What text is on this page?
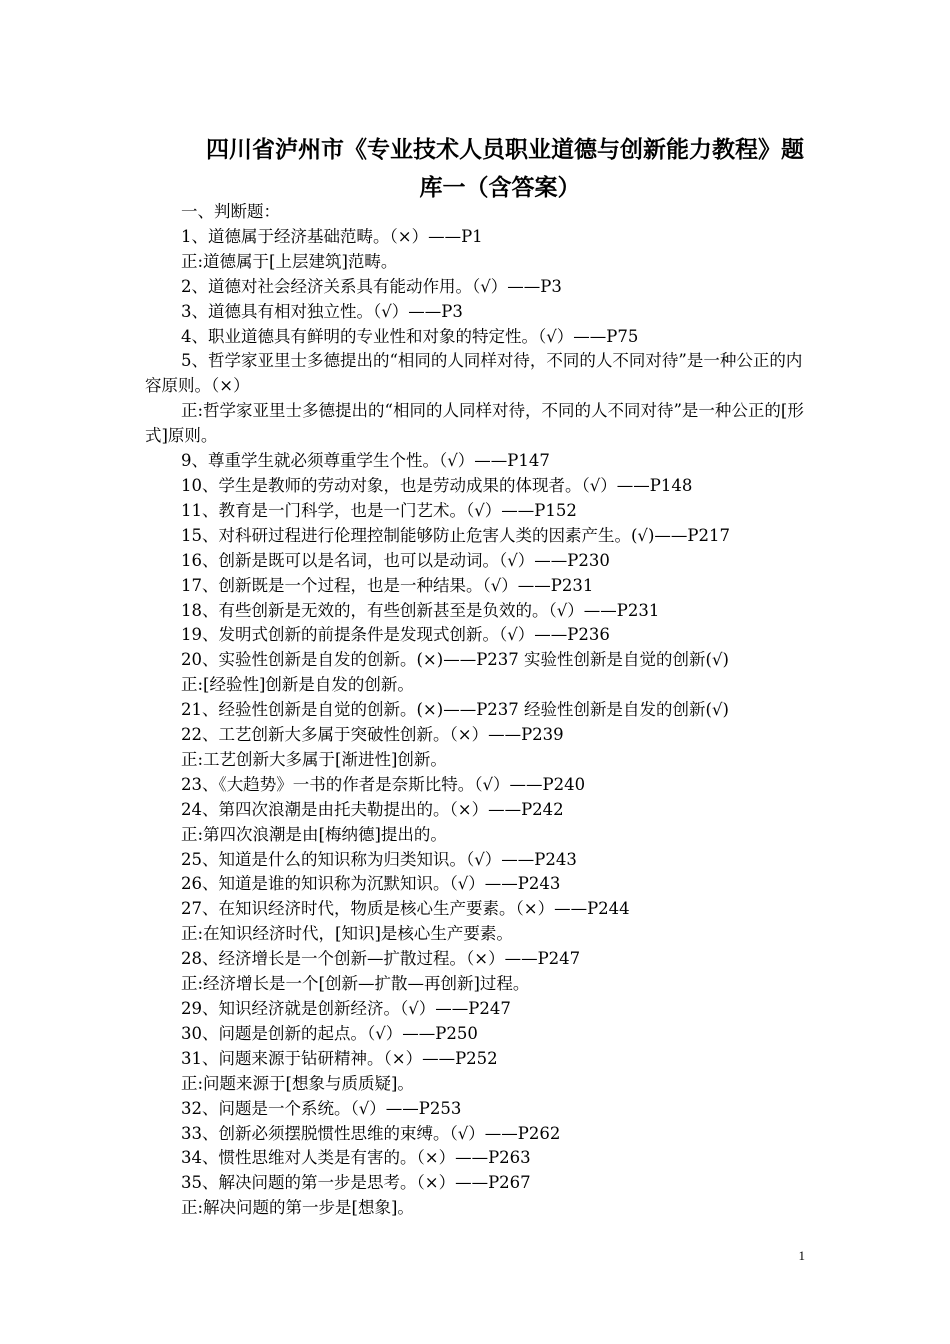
四川省泸州市《专业技术人员职业道德与创新能力教程》题
库一（含答案）
一、判断题：
1、道德属于经济基础范畴。（×）——P1
正:道德属于[上层建筑]范畴。
2、道德对社会经济关系具有能动作用。（√）——P3
3、道德具有相对独立性。（√）——P3
4、职业道德具有鲜明的专业性和对象的特定性。（√）——P75
5、哲学家亚里士多德提出的“相同的人同样对待，不同的人不同对待”是一种公正的内容原则。（×）
正:哲学家亚里士多德提出的“相同的人同样对待，不同的人不同对待”是一种公正的[形式]原则。
9、尊重学生就必须尊重学生个性。（√）——P147
10、学生是教师的劳动对象，也是劳动成果的体现者。（√）——P148
11、教育是一门科学，也是一门艺术。（√）——P152
15、对科研过程进行伦理控制能够防止危害人类的因素产生。(√)——P217
16、创新是既可以是名词，也可以是动词。（√）——P230
17、创新既是一个过程，也是一种结果。（√）——P231
18、有些创新是无效的，有些创新甚至是负效的。（√）——P231
19、发明式创新的前提条件是发现式创新。（√）——P236
20、实验性创新是自发的创新。(×)——P237 实验性创新是自觉的创新(√)
正:[经验性]创新是自发的创新。
21、经验性创新是自觉的创新。(×)——P237 经验性创新是自发的创新(√)
22、工艺创新大多属于突破性创新。（×）——P239
正:工艺创新大多属于[渐进性]创新。
23、《大趋势》一书的作者是奈斯比特。（√）——P240
24、第四次浪潮是由托夫勒提出的。（×）——P242
正:第四次浪潮是由[梅纳德]提出的。
25、知道是什么的知识称为归类知识。（√）——P243
26、知道是谁的知识称为沉默知识。（√）——P243
27、在知识经济时代，物质是核心生产要素。（×）——P244
正:在知识经济时代，[知识]是核心生产要素。
28、经济增长是一个创新—扩散过程。（×）——P247
正:经济增长是一个[创新—扩散—再创新]过程。
29、知识经济就是创新经济。（√）——P247
30、问题是创新的起点。（√）——P250
31、问题来源于钻研精神。（×）——P252
正:问题来源于[想象与质质疑]。
32、问题是一个系统。（√）——P253
33、创新必须摆脱惯性思维的束缚。（√）——P262
34、惯性思维对人类是有害的。（×）——P263
35、解决问题的第一步是思考。（×）——P267
正:解决问题的第一步是[想象]。
1
